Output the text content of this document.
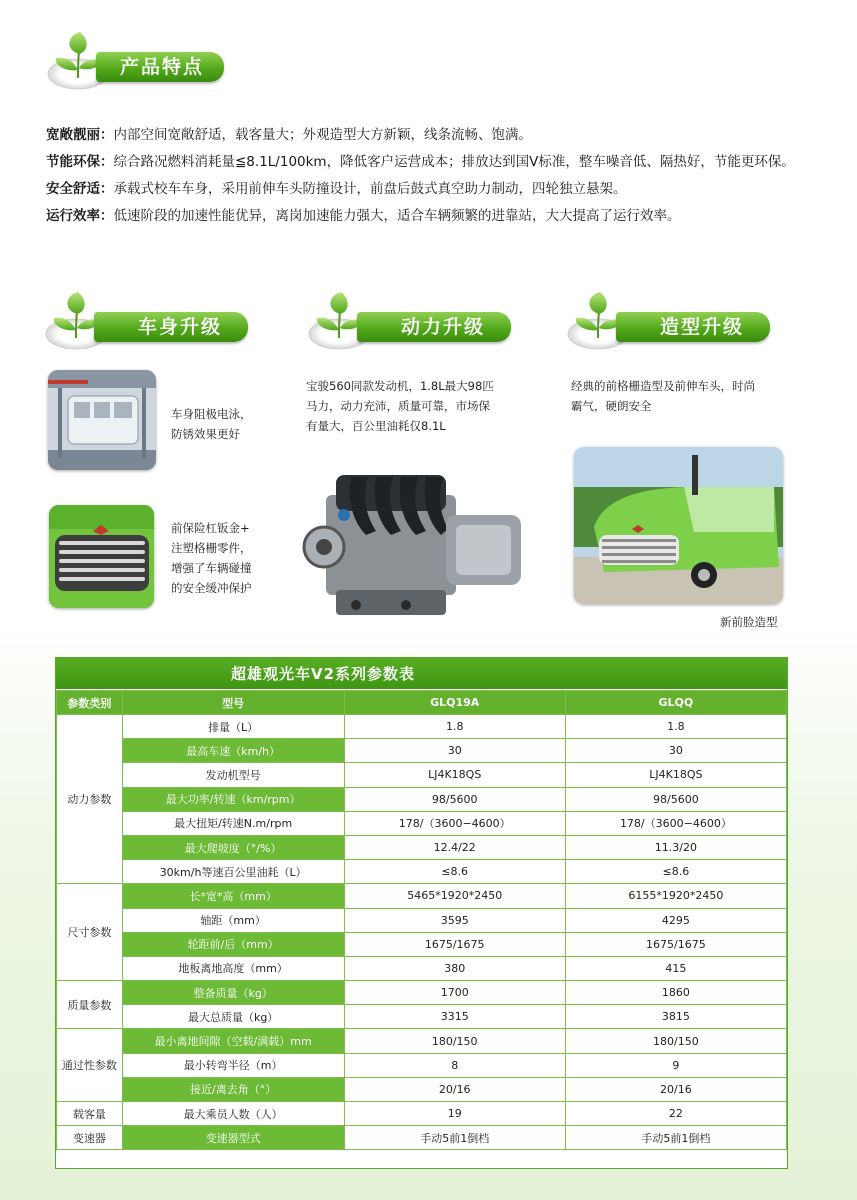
产品特点
宽敞靓丽： 内部空间宽敞舒适，载客量大；外观造型大方新颖，线条流畅、饱满。
节能环保： 综合路况燃料消耗量≦8.1L/100km，降低客户运营成本；排放达到国Ⅴ标准，整车噪音低、隔热好，节能更环保。
安全舒适： 承载式校车车身，采用前伸车头防撞设计，前盘后鼓式真空助力制动，四轮独立悬架。
运行效率： 低速阶段的加速性能优异，离岗加速能力强大，适合车辆频繁的进靠站，大大提高了运行效率。
车身升级
车身阻极电泳，
防锈效果更好
前保险杠钣金+
注塑格栅零件，
增强了车辆碰撞
的安全缓冲保护
动力升级
宝骏560同款发动机，1.8L最大98匹
马力，动力充沛，质量可靠，市场保
有量大，百公里油耗仅8.1L
造型升级
经典的前格栅造型及前伸车头，时尚
霸气，硬朗安全
新前脸造型
超雄观光车V2系列参数表
参数类别	型号	GLQ19A	GLQQ
动力参数	排量（L）	1.8	1.8
	最高车速（km/h）	30	30
	发动机型号	LJ4K18QS	LJ4K18QS
	最大功率/转速（km/rpm）	98/5600	98/5600
	最大扭矩/转速N.m/rpm	178/（3600−4600）	178/（3600−4600）
	最大爬坡度（°/%）	12.4/22	11.3/20
	30km/h等速百公里油耗（L）	≤8.6	≤8.6
尺寸参数	长*宽*高（mm）	5465*1920*2450	6155*1920*2450
	轴距（mm）	3595	4295
	轮距前/后（mm）	1675/1675	1675/1675
	地板离地高度（mm）	380	415
质量参数	整备质量（kg）	1700	1860
	最大总质量（kg）	3315	3815
通过性参数	最小离地间隙（空载/满载）mm	180/150	180/150
	最小转弯半径（m）	8	9
	接近/离去角（°）	20/16	20/16
载客量	最大乘员人数（人）	19	22
变速器	变速器型式	手动5前1倒档	手动5前1倒档
